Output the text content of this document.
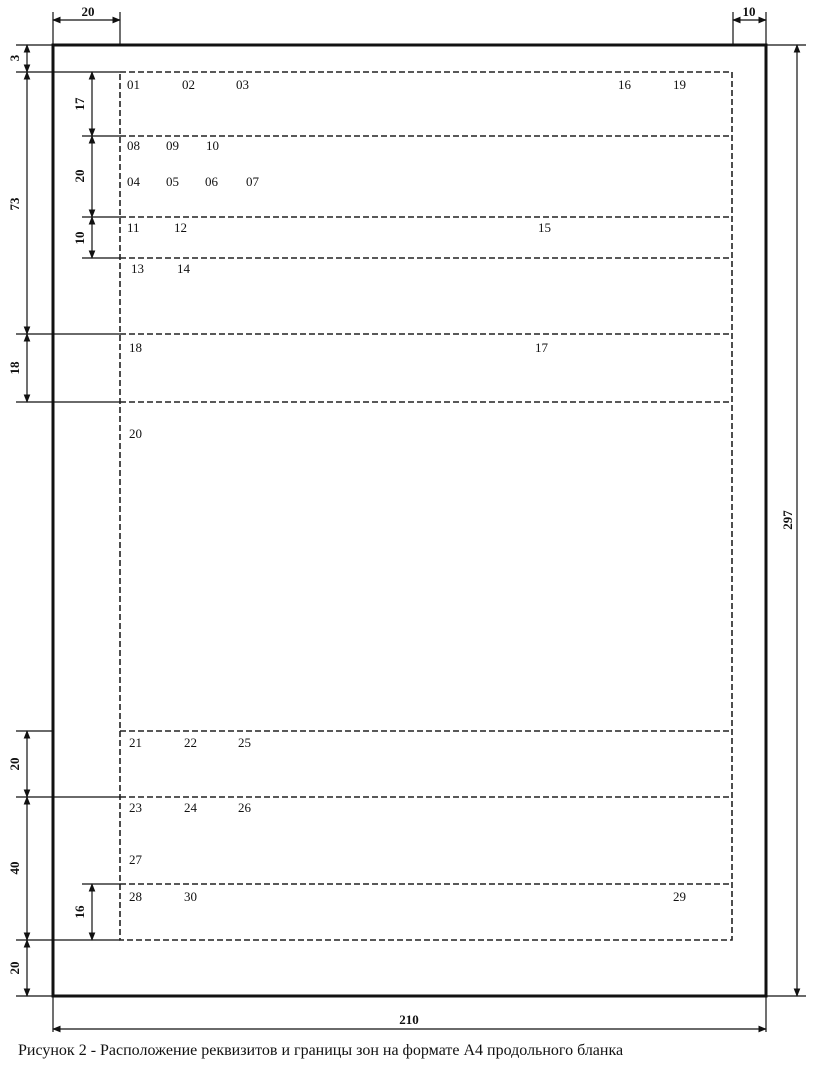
20	10
297
210
3
73
18
20
40
20
17
20
10
16
01	02	03	16	19
08 09 10
04 05 06 07
11	12	15
13	14
18	17
20
21	22	25
23	24	26
27
28	30	29
Рисунок 2 - Расположение реквизитов и границы зон на формате А4 продольного бланка
